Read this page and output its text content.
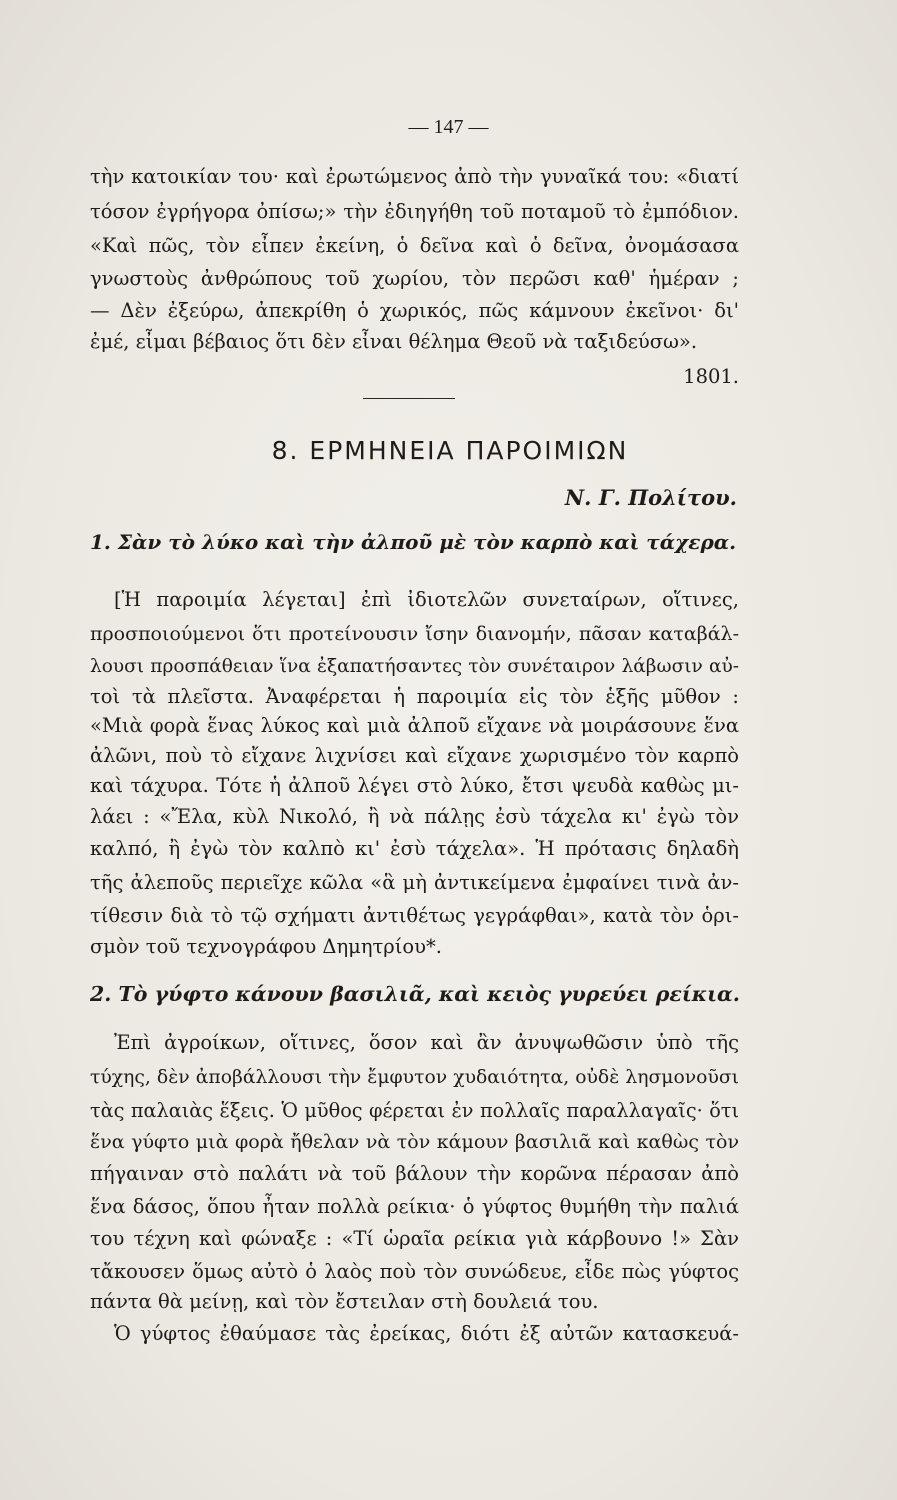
— 147 —
τὴν κατοικίαν του· καὶ ἐρωτώμενος ἀπὸ τὴν γυναῖκά του: «διατί
τόσον ἐγρήγορα ὀπίσω;» τὴν ἐδιηγήθη τοῦ ποταμοῦ τὸ ἐμπόδιον.
«Καὶ πῶς, τὸν εἶπεν ἐκείνη, ὁ δεῖνα καὶ ὁ δεῖνα, ὀνομάσασα
γνωστοὺς ἀνθρώπους τοῦ χωρίου, τὸν περῶσι καθ' ἡμέραν ;
— Δὲν ἐξεύρω, ἀπεκρίθη ὁ χωρικός, πῶς κάμνουν ἐκεῖνοι· δι'
ἐμέ, εἶμαι βέβαιος ὅτι δὲν εἶναι θέλημα Θεοῦ νὰ ταξιδεύσω».
1801.
8. ΕΡΜΗΝΕΙΑ ΠΑΡΟΙΜΙΩΝ
Ν. Γ. Πολίτου.
1. Σὰν τὸ λύκο καὶ τὴν ἀλποῦ μὲ τὸν καρπὸ καὶ τάχερα.
[Ἡ παροιμία λέγεται] ἐπὶ ἰδιοτελῶν συνεταίρων, οἵτινες,
προσποιούμενοι ὅτι προτείνουσιν ἴσην διανομήν, πᾶσαν καταβάλ-
λουσι προσπάθειαν ἵνα ἐξαπατήσαντες τὸν συνέταιρον λάβωσιν αὐ-
τοὶ τὰ πλεῖστα. Ἀναφέρεται ἡ παροιμία εἰς τὸν ἑξῆς μῦθον :
«Μιὰ φορὰ ἕνας λύκος καὶ μιὰ ἀλποῦ εἴχανε νὰ μοιράσουνε ἕνα
ἀλῶνι, ποὺ τὸ εἴχανε λιχνίσει καὶ εἴχανε χωρισμένο τὸν καρπὸ
καὶ τάχυρα. Τότε ἡ ἀλποῦ λέγει στὸ λύκο, ἔτσι ψευδὰ καθὼς μι-
λάει : «Ἔλα, κὺλ Νικολό, ἢ νὰ πάλῃς ἐσὺ τάχελα κι' ἐγὼ τὸν
καλπό, ἢ ἐγὼ τὸν καλπὸ κι' ἐσὺ τάχελα». Ἡ πρότασις δηλαδὴ
τῆς ἀλεποῦς περιεῖχε κῶλα «ἃ μὴ ἀντικείμενα ἐμφαίνει τινὰ ἀν-
τίθεσιν διὰ τὸ τῷ σχήματι ἀντιθέτως γεγράφθαι», κατὰ τὸν ὁρι-
σμὸν τοῦ τεχνογράφου Δημητρίου*.
2. Τὸ γύφτο κάνουν βασιλιᾶ, καὶ κειὸς γυρεύει ρείκια.
Ἐπὶ ἀγροίκων, οἵτινες, ὅσον καὶ ἂν ἀνυψωθῶσιν ὑπὸ τῆς
τύχης, δὲν ἀποβάλλουσι τὴν ἔμφυτον χυδαιότητα, οὐδὲ λησμονοῦσι
τὰς παλαιὰς ἕξεις. Ὁ μῦθος φέρεται ἐν πολλαῖς παραλλαγαῖς· ὅτι
ἕνα γύφτο μιὰ φορὰ ἤθελαν νὰ τὸν κάμουν βασιλιᾶ καὶ καθὼς τὸν
πήγαιναν στὸ παλάτι νὰ τοῦ βάλουν τὴν κορῶνα πέρασαν ἀπὸ
ἕνα δάσος, ὅπου ἦταν πολλὰ ρείκια· ὁ γύφτος θυμήθη τὴν παλιά
του τέχνη καὶ φώναξε : «Τί ὡραῖα ρείκια γιὰ κάρβουνο !» Σὰν
τἄκουσεν ὅμως αὐτὸ ὁ λαὸς ποὺ τὸν συνώδευε, εἶδε πὼς γύφτος
πάντα θὰ μείνῃ, καὶ τὸν ἔστειλαν στὴ δουλειά του.
Ὁ γύφτος ἐθαύμασε τὰς ἐρείκας, διότι ἐξ αὐτῶν κατασκευά-
